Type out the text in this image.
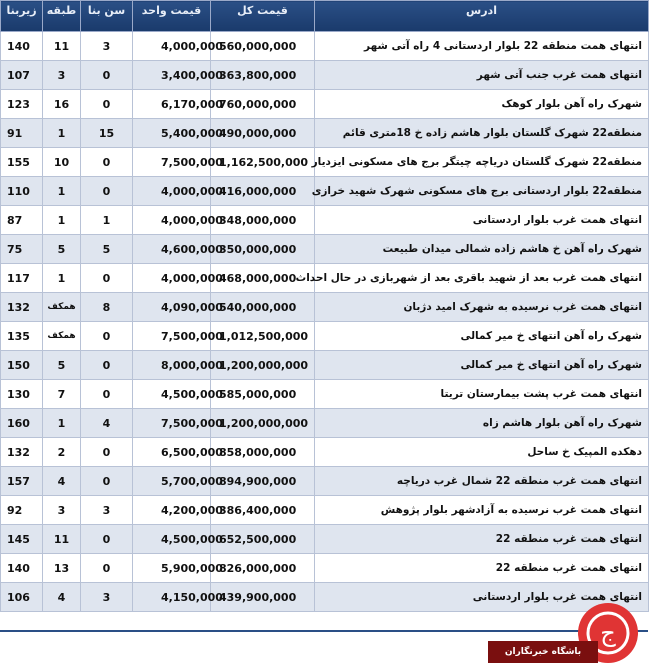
زیربنا	طبقه	سن بنا	قیمت واحد	قیمت کل	ادرس
140	11	3	4,000,000	560,000,000	انتهای همت منطقه 22 بلوار اردستانی 4 راه آتی شهر
107	3	0	3,400,000	363,800,000	انتهای همت غرب جنب آتی شهر
123	16	0	6,170,000	760,000,000	شهرک راه آهن بلوار کوهک
91	1	15	5,400,000	490,000,000	منطقه22 شهرک گلستان بلوار هاشم زاده خ 18متری قائم
155	10	0	7,500,000	1,162,500,000	منطقه22 شهرک گلستان دریاچه چیتگر برج های مسکونی ایزدیار
110	1	0	4,000,000	416,000,000	منطقه22 بلوار اردستانی برج های مسکونی شهرک شهید خرازی
87	1	1	4,000,000	348,000,000	انتهای همت غرب بلوار اردستانی
75	5	5	4,600,000	350,000,000	شهرک راه آهن خ هاشم زاده شمالی میدان طبیعت
117	1	0	4,000,000	468,000,000	انتهای همت غرب بعد از شهید باقری بعد از شهربازی در حال احداث
132	همکف	8	4,090,000	540,000,000	انتهای همت غرب نرسیده به شهرک امید دژبان
135	همکف	0	7,500,000	1,012,500,000	شهرک راه آهن انتهای خ میر کمالی
150	5	0	8,000,000	1,200,000,000	شهرک راه آهن انتهای خ میر کمالی
130	7	0	4,500,000	585,000,000	انتهای همت غرب پشت بیمارستان تریتا
160	1	4	7,500,000	1,200,000,000	شهرک راه آهن بلوار هاشم زاه
132	2	0	6,500,000	858,000,000	دهکده المپیک خ ساحل
157	4	0	5,700,000	894,900,000	انتهای همت غرب منطقه 22 شمال غرب دریاچه
92	3	3	4,200,000	386,400,000	انتهای همت غرب نرسیده به آزادشهر بلوار پژوهش
145	11	0	4,500,000	652,500,000	انتهای همت غرب منطقه 22
140	13	0	5,900,000	826,000,000	انتهای همت غرب منطقه 22
106	4	3	4,150,000	439,900,000	انتهای همت غرب بلوار اردستانی
ج
باشگاه خبرنگاران
